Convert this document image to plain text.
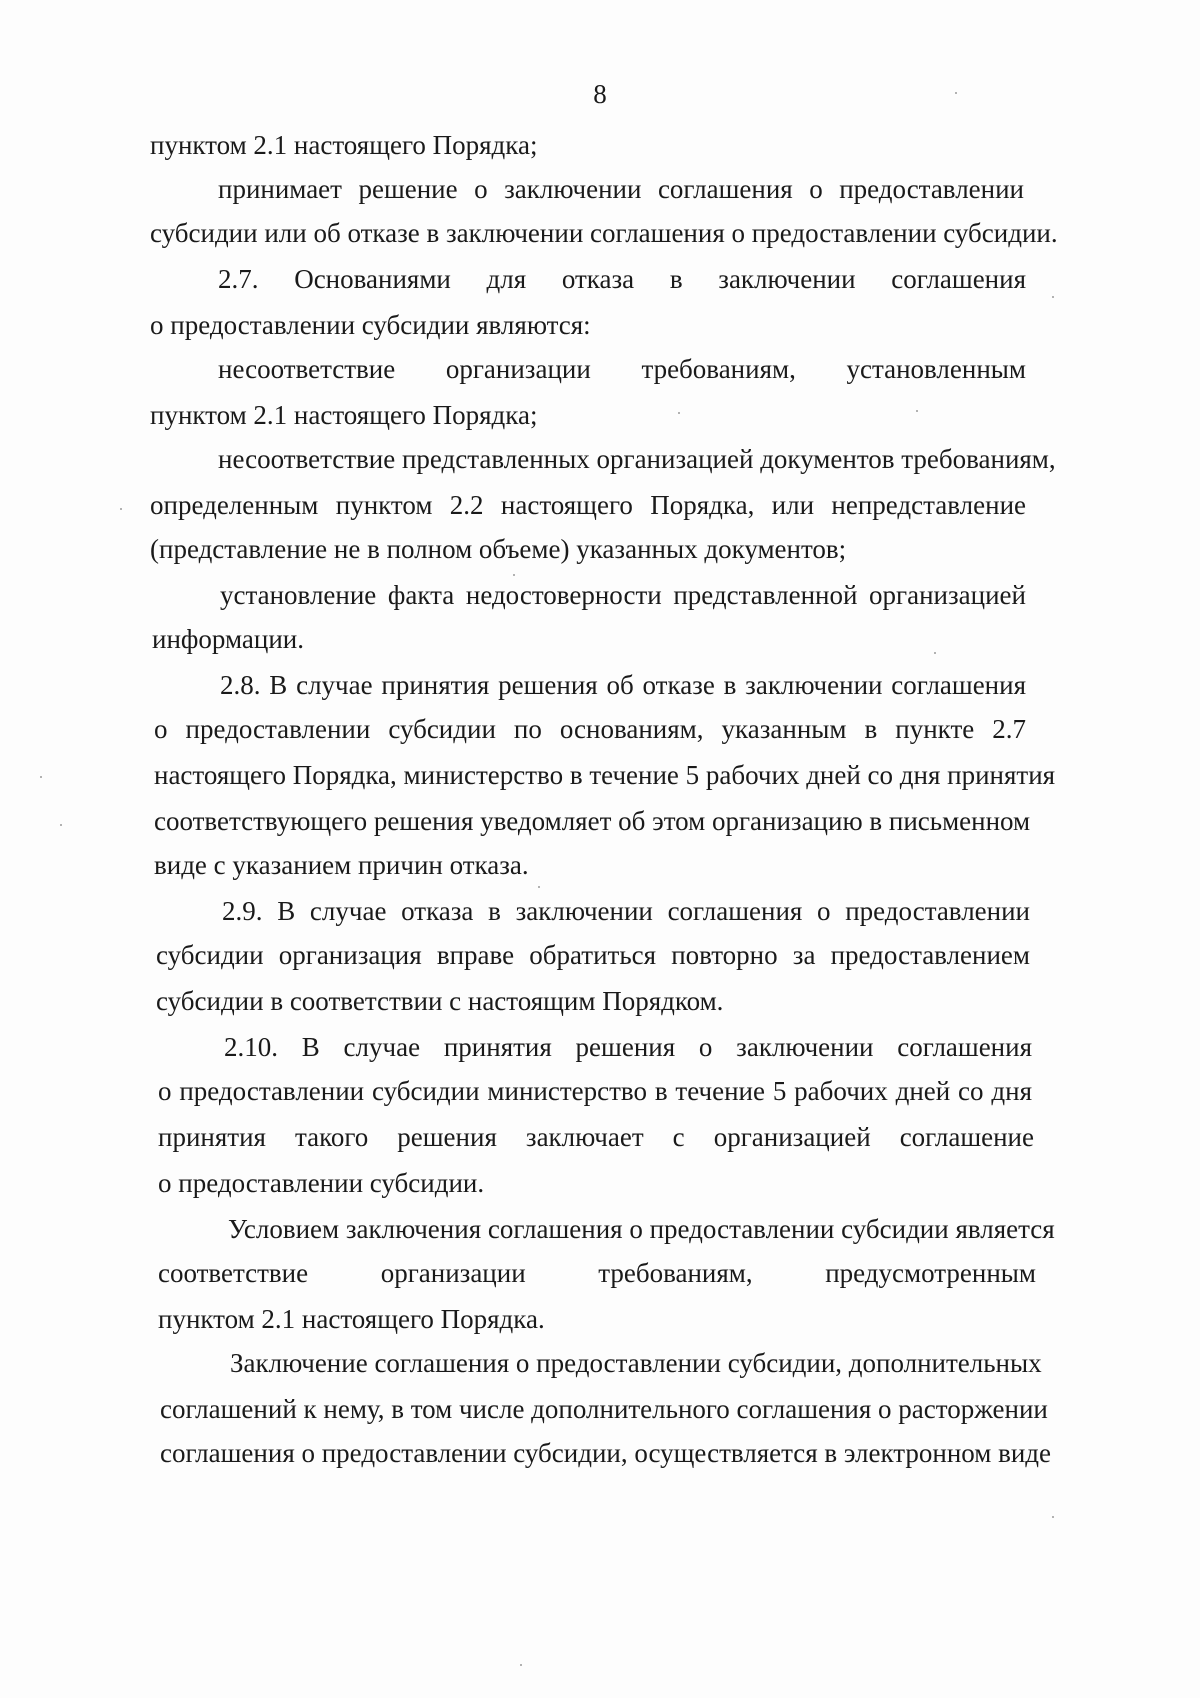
8
пунктом 2.1 настоящего Порядка;
принимает решение о заключении соглашения о предоставлении
субсидии или об отказе в заключении соглашения о предоставлении субсидии.
2.7. Основаниями для отказа в заключении соглашения
о предоставлении субсидии являются:
несоответствие организации требованиям, установленным
пунктом 2.1 настоящего Порядка;
несоответствие представленных организацией документов требованиям,
определенным пунктом 2.2 настоящего Порядка, или непредставление
(представление не в полном объеме) указанных документов;
установление факта недостоверности представленной организацией
информации.
2.8. В случае принятия решения об отказе в заключении соглашения
о предоставлении субсидии по основаниям, указанным в пункте 2.7
настоящего Порядка, министерство в течение 5 рабочих дней со дня принятия
соответствующего решения уведомляет об этом организацию в письменном
виде с указанием причин отказа.
2.9. В случае отказа в заключении соглашения о предоставлении
субсидии организация вправе обратиться повторно за предоставлением
субсидии в соответствии с настоящим Порядком.
2.10. В случае принятия решения о заключении соглашения
о предоставлении субсидии министерство в течение 5 рабочих дней со дня
принятия такого решения заключает с организацией соглашение
о предоставлении субсидии.
Условием заключения соглашения о предоставлении субсидии является
соответствие организации требованиям, предусмотренным
пунктом 2.1 настоящего Порядка.
Заключение соглашения о предоставлении субсидии, дополнительных
соглашений к нему, в том числе дополнительного соглашения о расторжении
соглашения о предоставлении субсидии, осуществляется в электронном виде
